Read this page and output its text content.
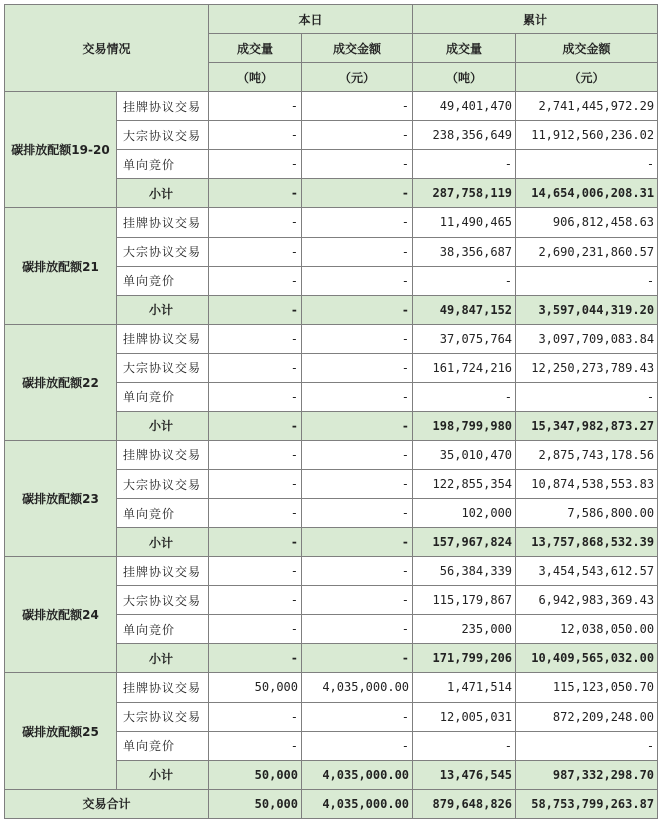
交易情况		本日		累计	
		成交量	成交金额	成交量	成交金额
		（吨）	（元）	（吨）	（元）
碳排放配额19-20	挂牌协议交易	-	-	49,401,470	2,741,445,972.29
	大宗协议交易	-	-	238,356,649	11,912,560,236.02
	单向竞价	-	-	-	-
	小计	-	-	287,758,119	14,654,006,208.31
碳排放配额21	挂牌协议交易	-	-	11,490,465	906,812,458.63
	大宗协议交易	-	-	38,356,687	2,690,231,860.57
	单向竞价	-	-	-	-
	小计	-	-	49,847,152	3,597,044,319.20
碳排放配额22	挂牌协议交易	-	-	37,075,764	3,097,709,083.84
	大宗协议交易	-	-	161,724,216	12,250,273,789.43
	单向竞价	-	-	-	-
	小计	-	-	198,799,980	15,347,982,873.27
碳排放配额23	挂牌协议交易	-	-	35,010,470	2,875,743,178.56
	大宗协议交易	-	-	122,855,354	10,874,538,553.83
	单向竞价	-	-	102,000	7,586,800.00
	小计	-	-	157,967,824	13,757,868,532.39
碳排放配额24	挂牌协议交易	-	-	56,384,339	3,454,543,612.57
	大宗协议交易	-	-	115,179,867	6,942,983,369.43
	单向竞价	-	-	235,000	12,038,050.00
	小计	-	-	171,799,206	10,409,565,032.00
碳排放配额25	挂牌协议交易	50,000	4,035,000.00	1,471,514	115,123,050.70
	大宗协议交易	-	-	12,005,031	872,209,248.00
	单向竞价	-	-	-	-
	小计	50,000	4,035,000.00	13,476,545	987,332,298.70
交易合计		50,000	4,035,000.00	879,648,826	58,753,799,263.87
